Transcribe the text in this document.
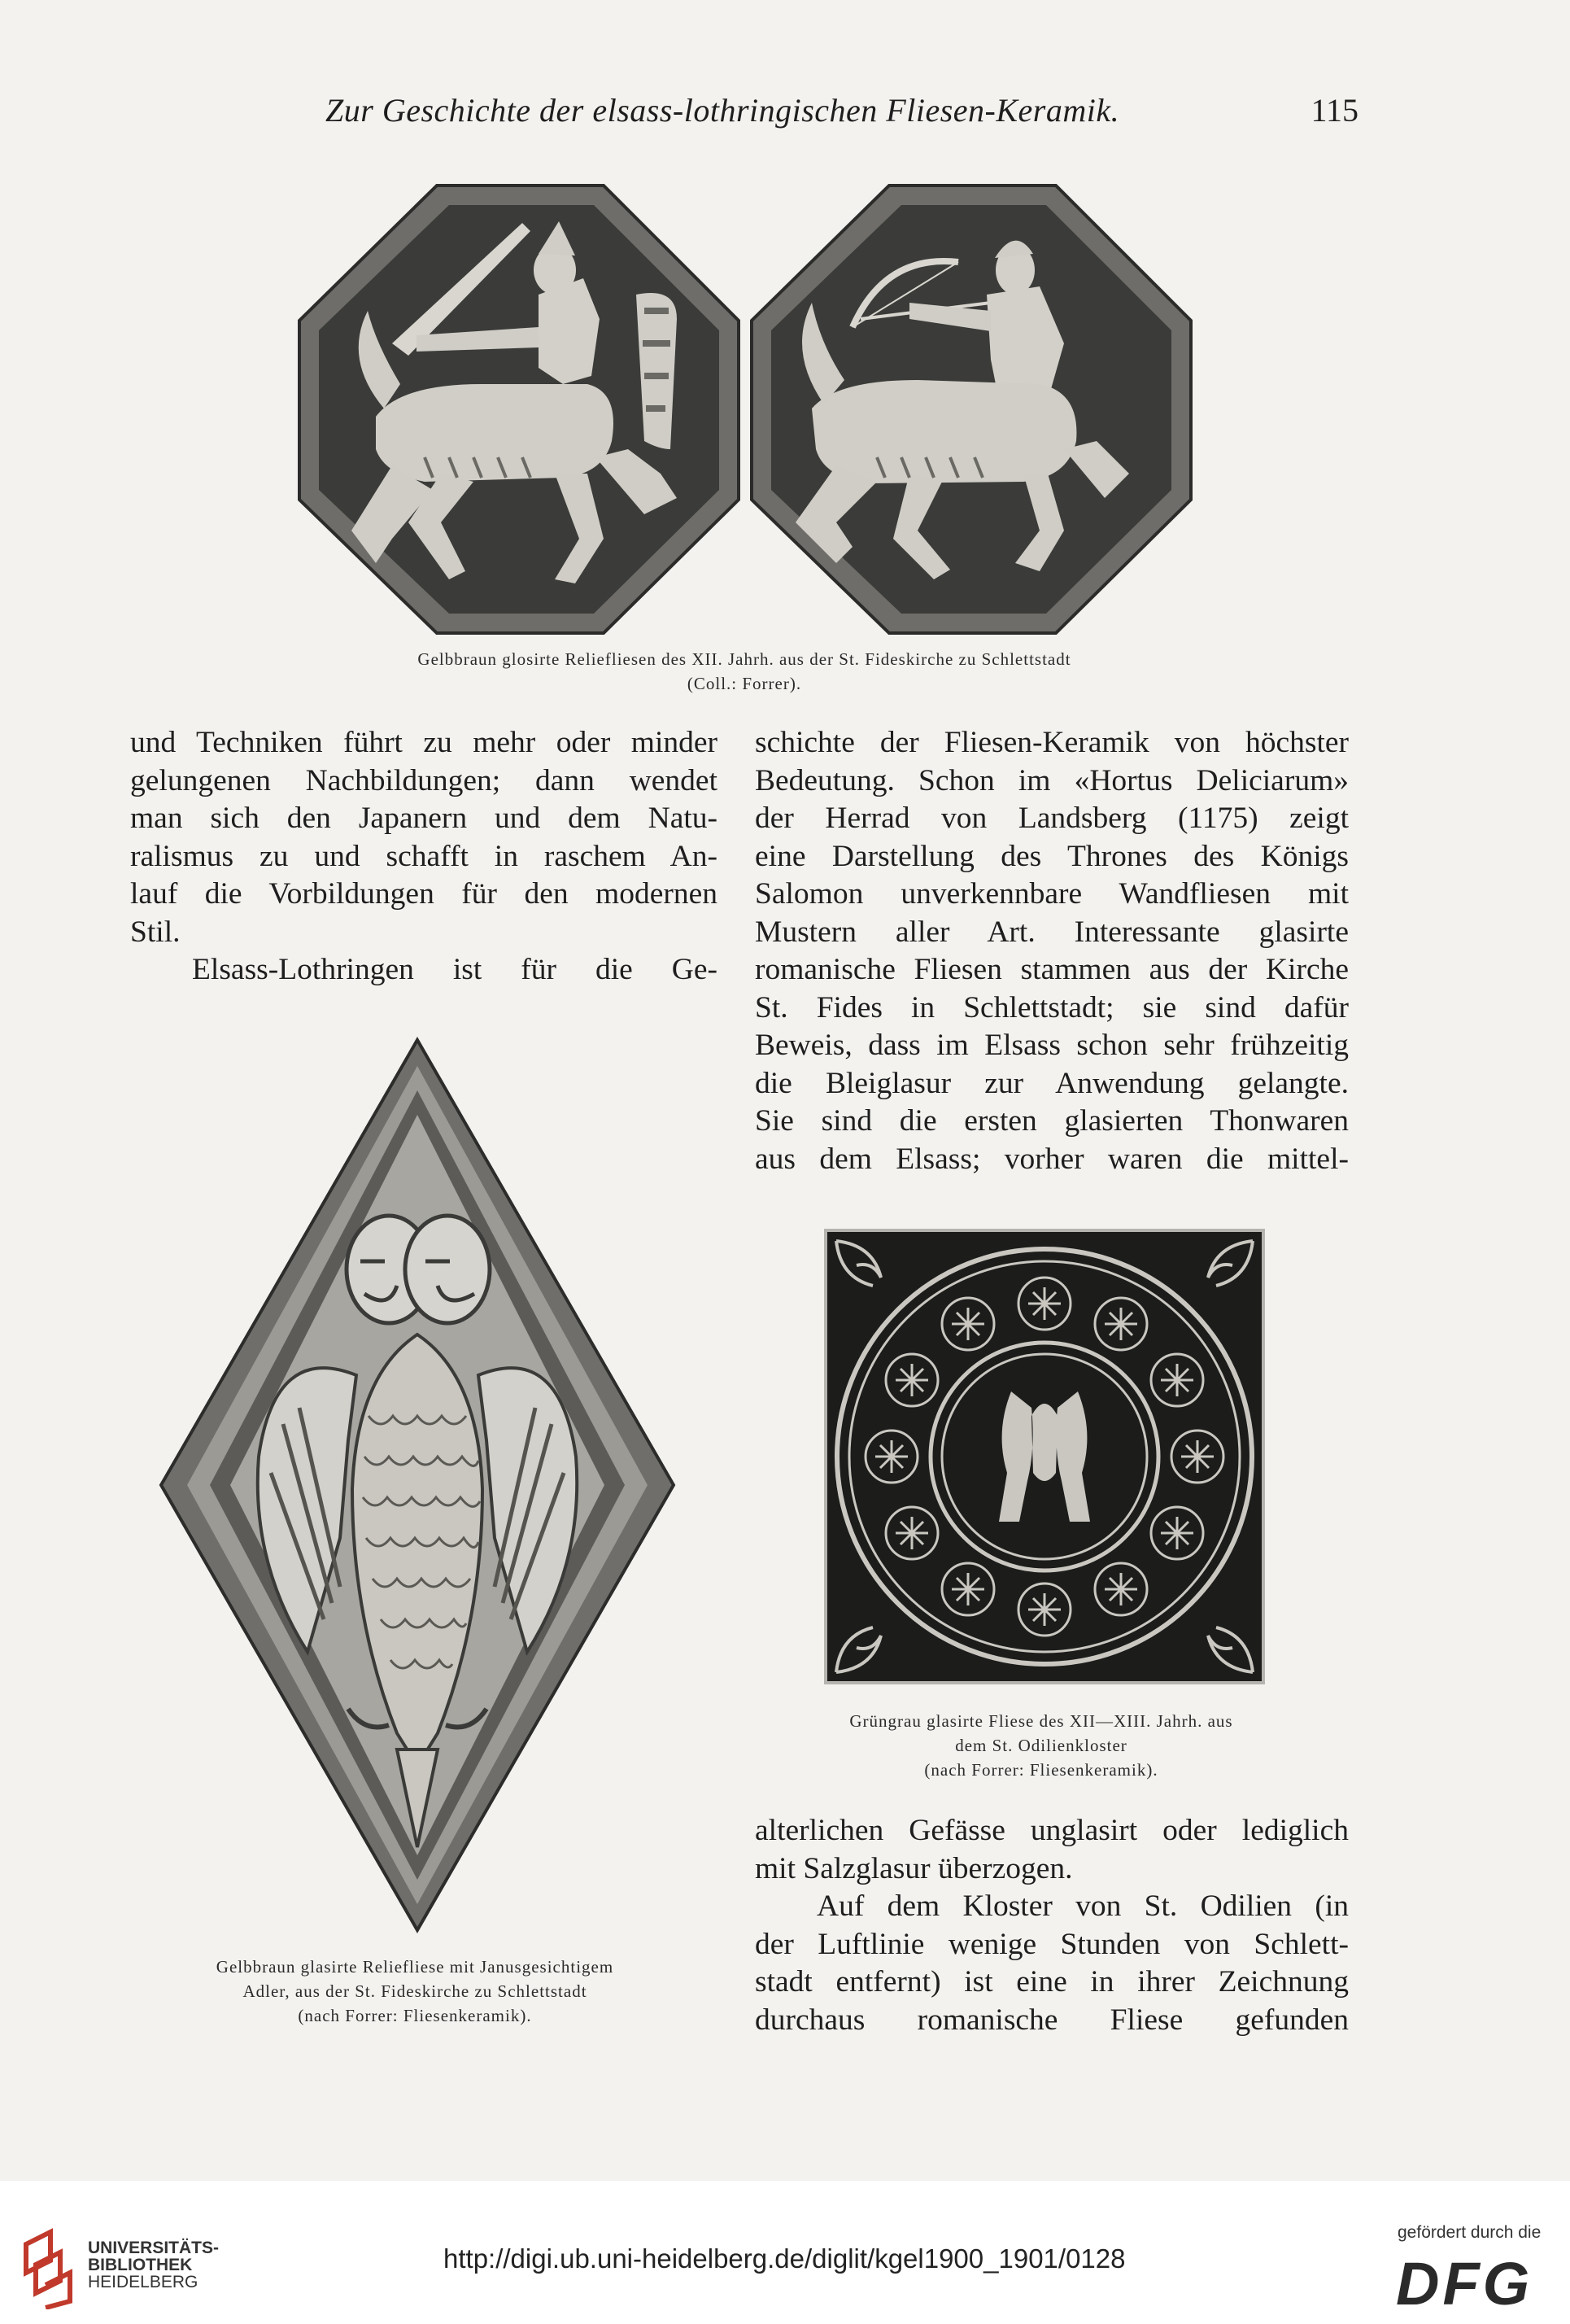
Zur Geschichte der elsass-lothringischen Fliesen-Keramik.	115
Gelbbraun glosirte Reliefliesen des XII. Jahrh. aus der St. Fideskirche zu Schlettstadt
(Coll.: Forrer).
und Techniken führt zu mehr oder minder
gelungenen Nachbildungen; dann wendet
man sich den Japanern und dem Natu-
ralismus zu und schafft in raschem An-
lauf die Vorbildungen für den modernen
Stil.
Elsass-Lothringen ist für die Ge-
schichte der Fliesen-Keramik von höchster
Bedeutung. Schon im «Hortus Deliciarum»
der Herrad von Landsberg (1175) zeigt
eine Darstellung des Thrones des Königs
Salomon unverkennbare Wandfliesen mit
Mustern aller Art. Interessante glasirte
romanische Fliesen stammen aus der Kirche
St. Fides in Schlettstadt; sie sind dafür
Beweis, dass im Elsass schon sehr frühzeitig
die Bleiglasur zur Anwendung gelangte.
Sie sind die ersten glasierten Thonwaren
aus dem Elsass; vorher waren die mittel-
Gelbbraun glasirte Reliefliese mit Janusgesichtigem
Adler, aus der St. Fideskirche zu Schlettstadt
(nach Forrer: Fliesenkeramik).
Grüngrau glasirte Fliese des XII—XIII. Jahrh. aus
dem St. Odilienkloster
(nach Forrer: Fliesenkeramik).
alterlichen Gefässe unglasirt oder lediglich
mit Salzglasur überzogen.
Auf dem Kloster von St. Odilien (in
der Luftlinie wenige Stunden von Schlett-
stadt entfernt) ist eine in ihrer Zeichnung
durchaus romanische Fliese gefunden
UNIVERSITÄTS-
BIBLIOTHEK
HEIDELBERG
http://digi.ub.uni-heidelberg.de/diglit/kgel1900_1901/0128
gefördert durch die
DFG
